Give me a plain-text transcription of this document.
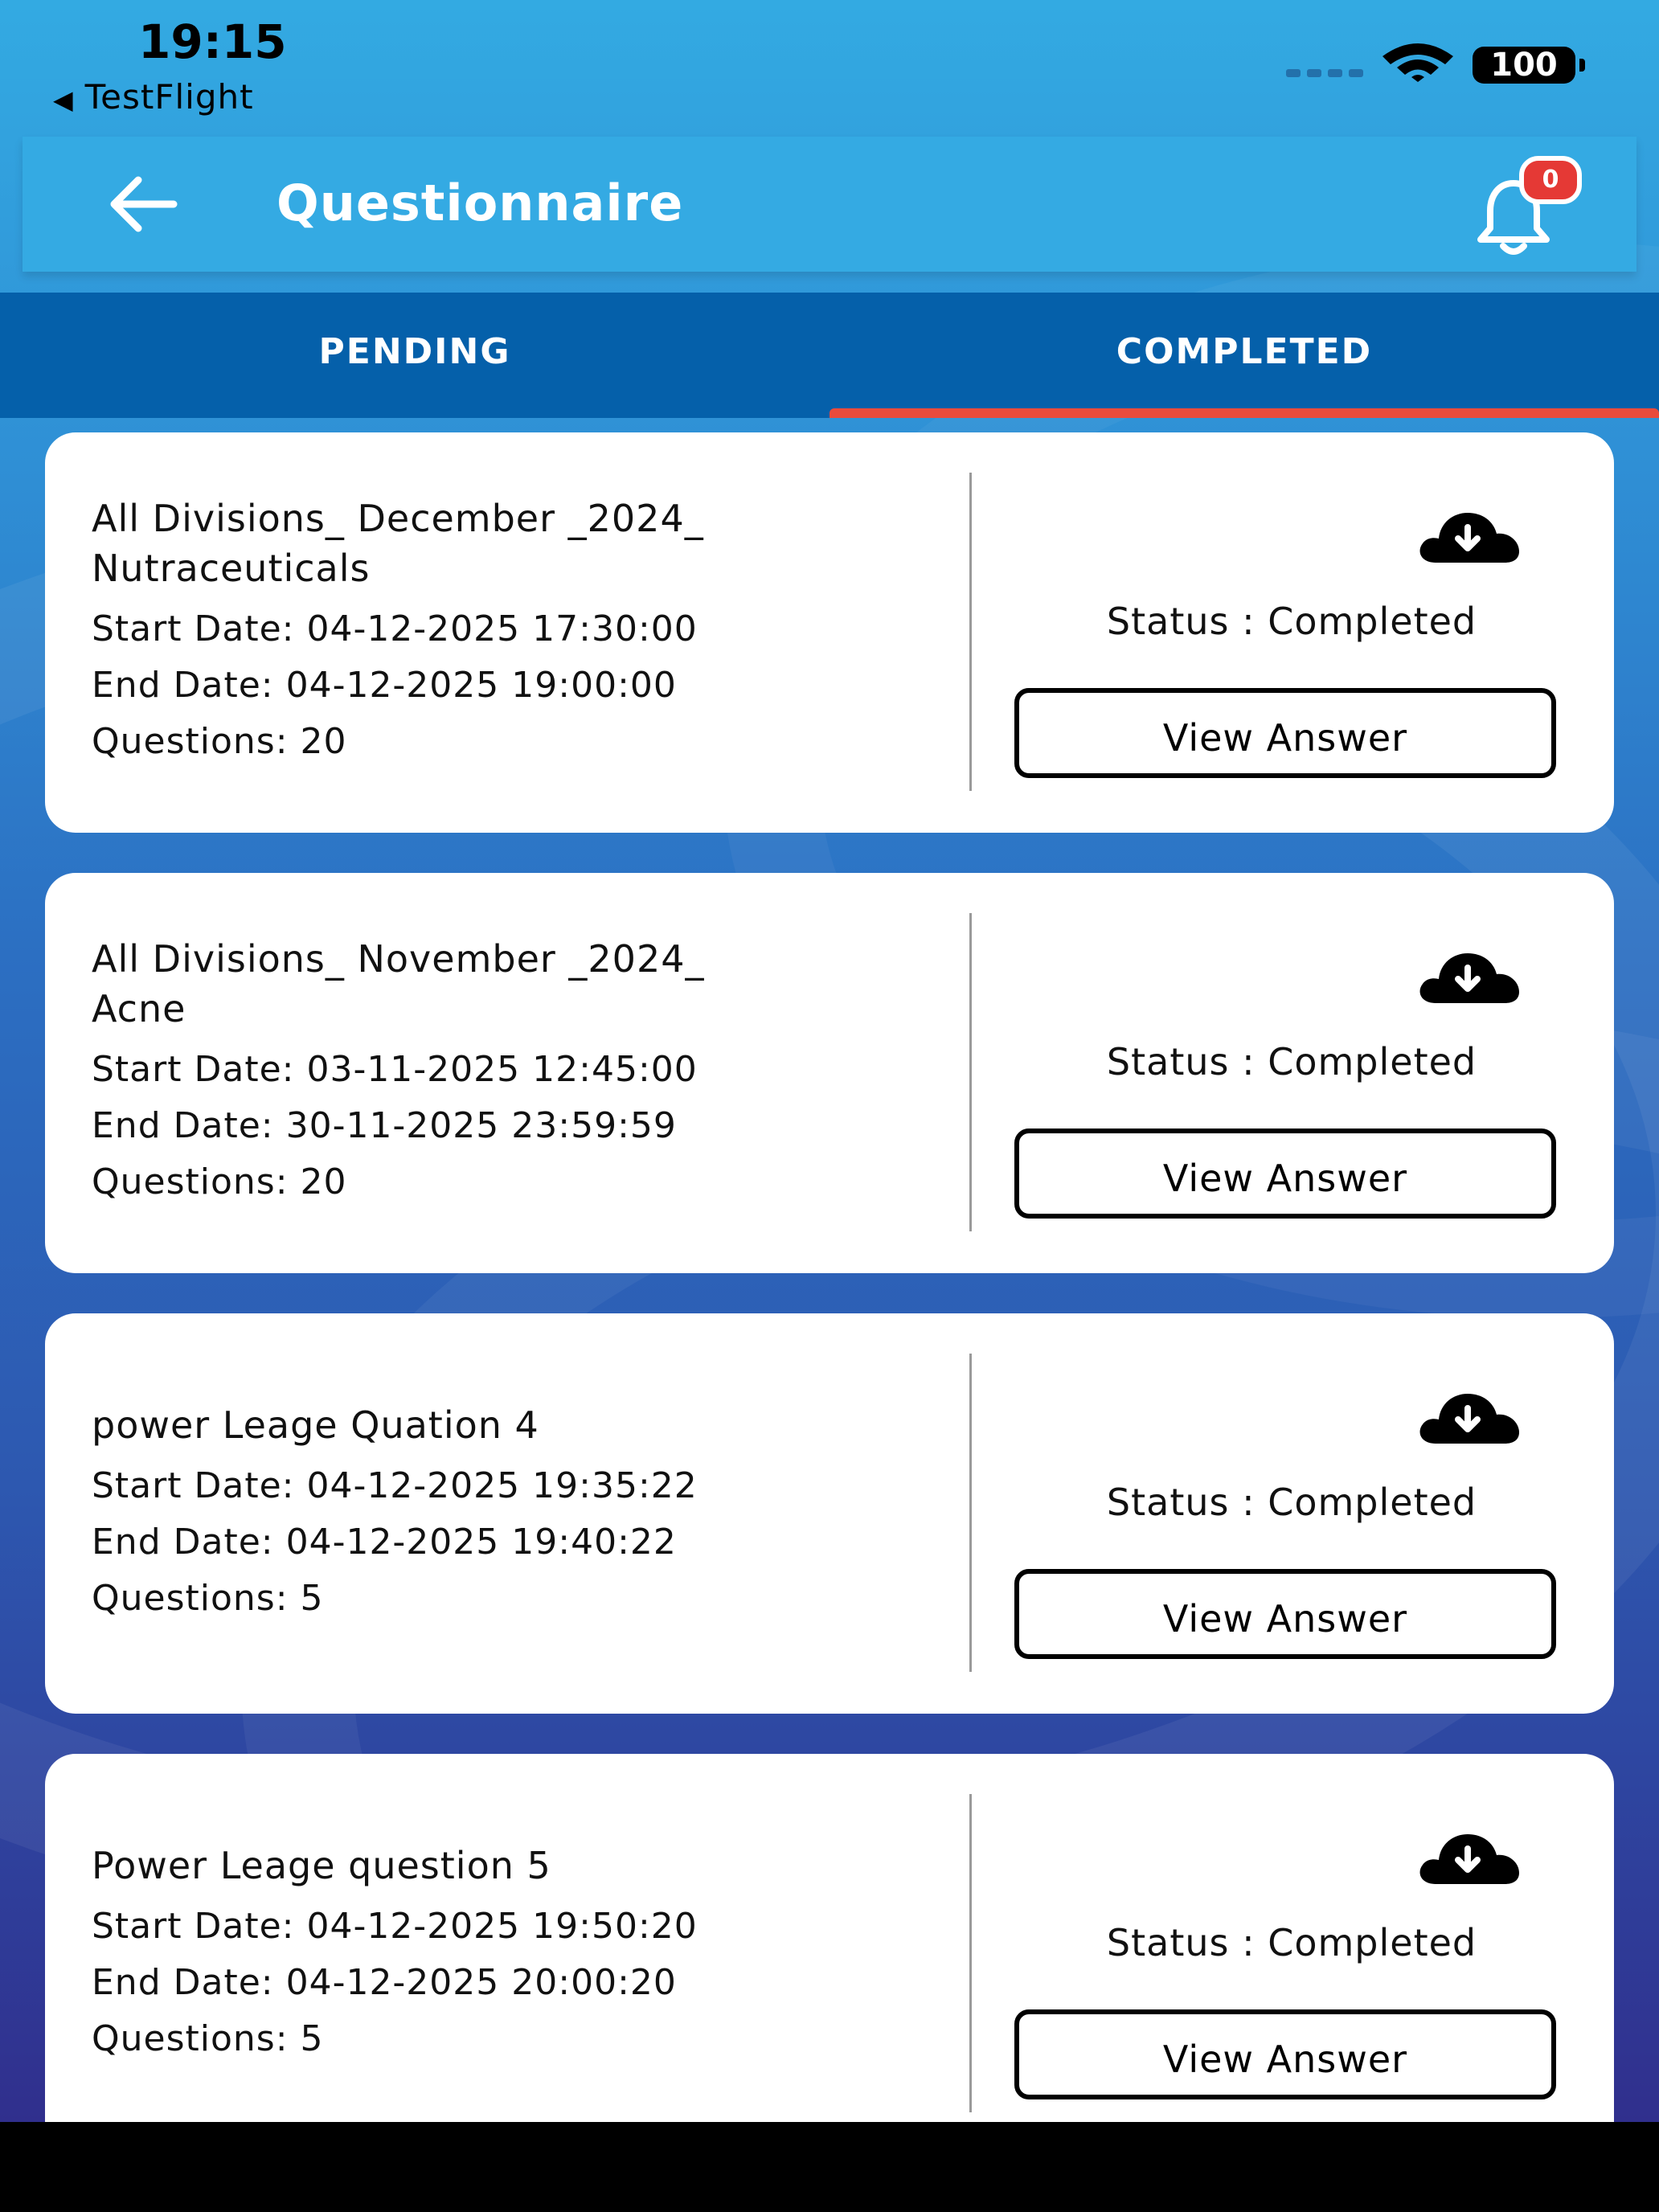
19:15
◀ TestFlight
100
Questionnaire	0
PENDING	COMPLETED
All Divisions_ December _2024_
Nutraceuticals
Start Date: 04-12-2025 17:30:00
End Date: 04-12-2025 19:00:00
Questions: 20
Status : Completed
View Answer
All Divisions_ November _2024_
Acne
Start Date: 03-11-2025 12:45:00
End Date: 30-11-2025 23:59:59
Questions: 20
Status : Completed
View Answer
power Leage Quation 4
Start Date: 04-12-2025 19:35:22
End Date: 04-12-2025 19:40:22
Questions: 5
Status : Completed
View Answer
Power Leage question 5
Start Date: 04-12-2025 19:50:20
End Date: 04-12-2025 20:00:20
Questions: 5
Status : Completed
View Answer
